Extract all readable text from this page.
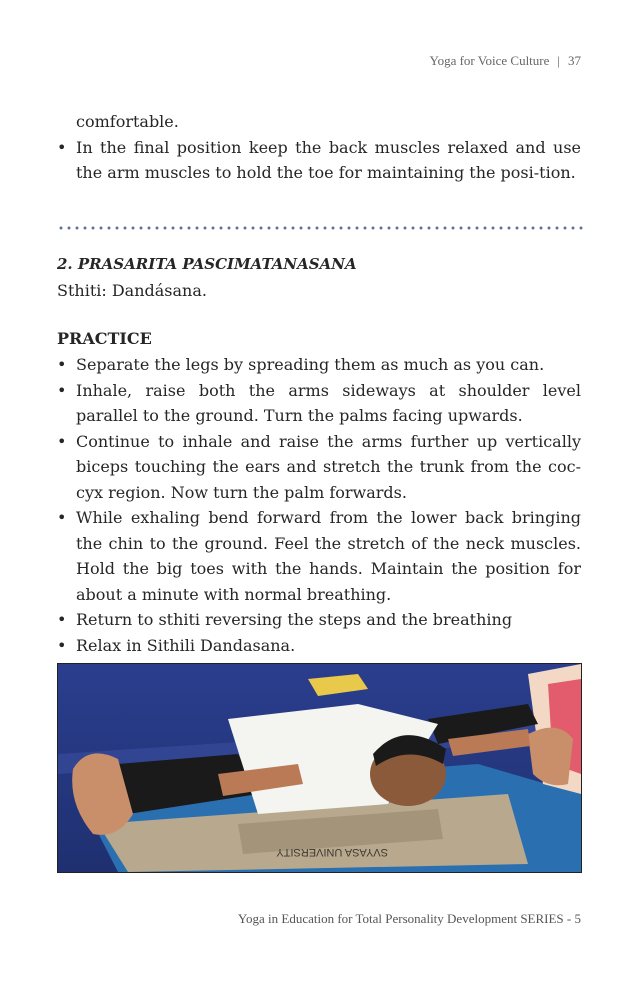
Yoga for Voice Culture | 37
comfortable.
• In the final position keep the back muscles relaxed and use the arm muscles to hold the toe for maintaining the posi-tion.
2. PRASARITA PASCIMATANASANA
Sthiti: Dandásana.
PRACTICE
• Separate the legs by spreading them as much as you can.
• Inhale, raise both the arms sideways at shoulder level parallel to the ground. Turn the palms facing upwards.
• Continue to inhale and raise the arms further up vertically biceps touching the ears and stretch the trunk from the coc-cyx region. Now turn the palm forwards.
• While exhaling bend forward from the lower back bringing the chin to the ground. Feel the stretch of the neck muscles. Hold the big toes with the hands. Maintain the position for about a minute with normal breathing.
• Return to sthiti reversing the steps and the breathing
• Relax in Sithili Dandasana.
SVYASA UNIVERSITY
Yoga in Education for Total Personality Development SERIES - 5
